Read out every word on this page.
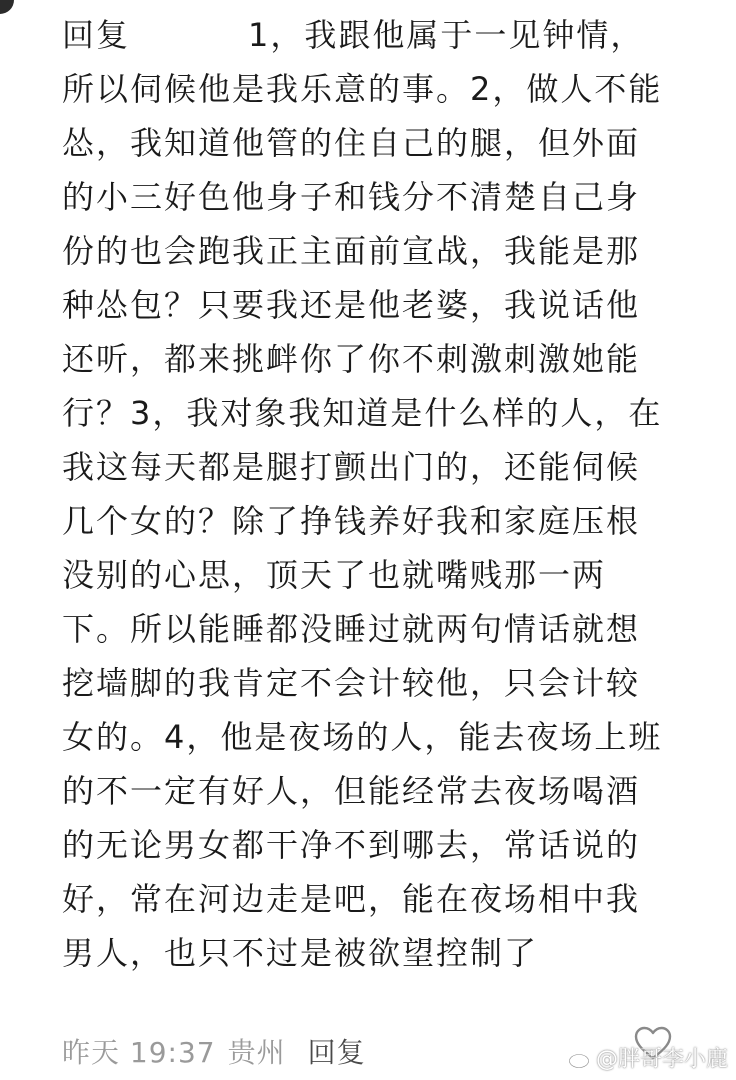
回复	1，我跟他属于一见钟情，
所以伺候他是我乐意的事。2，做人不能
怂，我知道他管的住自己的腿，但外面
的小三好色他身子和钱分不清楚自己身
份的也会跑我正主面前宣战，我能是那
种怂包？只要我还是他老婆，我说话他
还听，都来挑衅你了你不刺激刺激她能
行？3，我对象我知道是什么样的人，在
我这每天都是腿打颤出门的，还能伺候
几个女的？除了挣钱养好我和家庭压根
没别的心思，顶天了也就嘴贱那一两
下。所以能睡都没睡过就两句情话就想
挖墙脚的我肯定不会计较他，只会计较
女的。4，他是夜场的人，能去夜场上班
的不一定有好人，但能经常去夜场喝酒
的无论男女都干净不到哪去，常话说的
好，常在河边走是吧，能在夜场相中我
男人，也只不过是被欲望控制了
昨天 19:37 贵州 回复	@胖哥李小鹿
